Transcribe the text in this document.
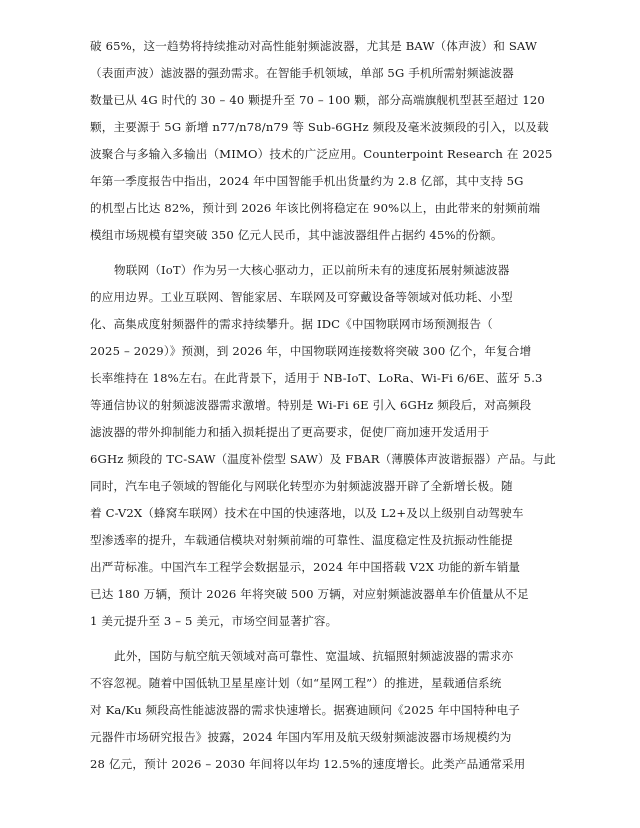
破 65%，这一趋势将持续推动对高性能射频滤波器，尤其是 BAW（体声波）和 SAW
（表面声波）滤波器的强劲需求。在智能手机领域，单部 5G 手机所需射频滤波器
数量已从 4G 时代的 30 – 40 颗提升至 70 – 100 颗，部分高端旗舰机型甚至超过 120
颗，主要源于 5G 新增 n77/n78/n79 等 Sub-6GHz 频段及毫米波频段的引入，以及载
波聚合与多输入多输出（MIMO）技术的广泛应用。Counterpoint Research 在 2025
年第一季度报告中指出，2024 年中国智能手机出货量约为 2.8 亿部，其中支持 5G
的机型占比达 82%，预计到 2026 年该比例将稳定在 90%以上，由此带来的射频前端
模组市场规模有望突破 350 亿元人民币，其中滤波器组件占据约 45%的份额。
物联网（IoT）作为另一大核心驱动力，正以前所未有的速度拓展射频滤波器
的应用边界。工业互联网、智能家居、车联网及可穿戴设备等领域对低功耗、小型
化、高集成度射频器件的需求持续攀升。据 IDC《中国物联网市场预测报告（
2025 – 2029）》预测，到 2026 年，中国物联网连接数将突破 300 亿个，年复合增
长率维持在 18%左右。在此背景下，适用于 NB-IoT、LoRa、Wi-Fi 6/6E、蓝牙 5.3
等通信协议的射频滤波器需求激增。特别是 Wi-Fi 6E 引入 6GHz 频段后，对高频段
滤波器的带外抑制能力和插入损耗提出了更高要求，促使厂商加速开发适用于
6GHz 频段的 TC-SAW（温度补偿型 SAW）及 FBAR（薄膜体声波谐振器）产品。与此
同时，汽车电子领域的智能化与网联化转型亦为射频滤波器开辟了全新增长极。随
着 C-V2X（蜂窝车联网）技术在中国的快速落地，以及 L2+及以上级别自动驾驶车
型渗透率的提升，车载通信模块对射频前端的可靠性、温度稳定性及抗振动性能提
出严苛标准。中国汽车工程学会数据显示，2024 年中国搭载 V2X 功能的新车销量
已达 180 万辆，预计 2026 年将突破 500 万辆，对应射频滤波器单车价值量从不足
1 美元提升至 3 – 5 美元，市场空间显著扩容。
此外，国防与航空航天领域对高可靠性、宽温域、抗辐照射频滤波器的需求亦
不容忽视。随着中国低轨卫星星座计划（如“星网工程”）的推进，星载通信系统
对 Ka/Ku 频段高性能滤波器的需求快速增长。据赛迪顾问《2025 年中国特种电子
元器件市场研究报告》披露，2024 年国内军用及航天级射频滤波器市场规模约为
28 亿元，预计 2026 – 2030 年间将以年均 12.5%的速度增长。此类产品通常采用
